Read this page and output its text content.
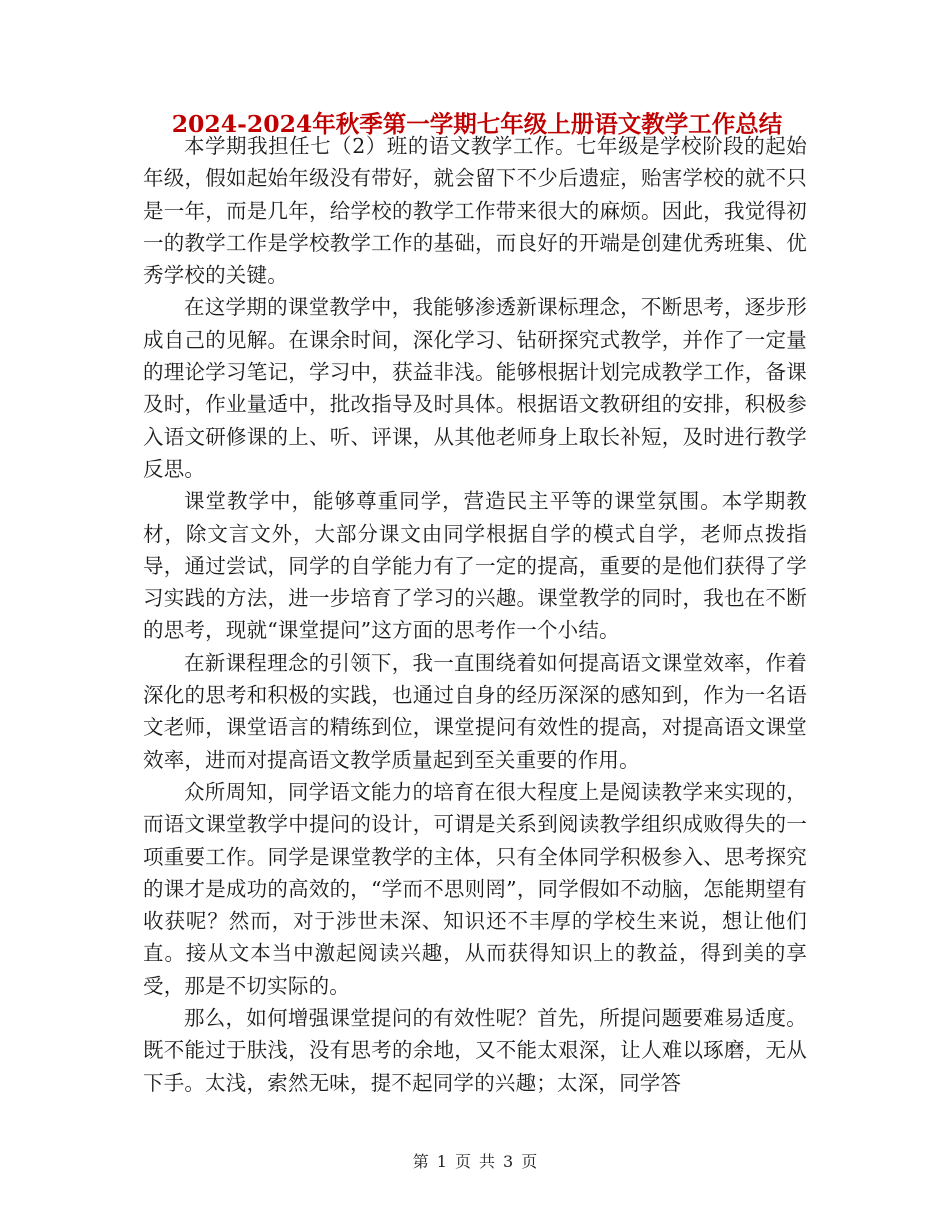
2024-2024年秋季第一学期七年级上册语文教学工作总结

本学期我担任七（2）班的语文教学工作。七年级是学校阶段的起始年级，假如起始年级没有带好，就会留下不少后遗症，贻害学校的就不只是一年，而是几年，给学校的教学工作带来很大的麻烦。因此，我觉得初一的教学工作是学校教学工作的基础，而良好的开端是创建优秀班集、优秀学校的关键。

在这学期的课堂教学中，我能够渗透新课标理念，不断思考，逐步形成自己的见解。在课余时间，深化学习、钻研探究式教学，并作了一定量的理论学习笔记，学习中，获益非浅。能够根据计划完成教学工作，备课及时，作业量适中，批改指导及时具体。根据语文教研组的安排，积极参入语文研修课的上、听、评课，从其他老师身上取长补短，及时进行教学反思。

课堂教学中，能够尊重同学，营造民主平等的课堂氛围。本学期教材，除文言文外，大部分课文由同学根据自学的模式自学，老师点拨指导，通过尝试，同学的自学能力有了一定的提高，重要的是他们获得了学习实践的方法，进一步培育了学习的兴趣。课堂教学的同时，我也在不断的思考，现就“课堂提问”这方面的思考作一个小结。

在新课程理念的引领下，我一直围绕着如何提高语文课堂效率，作着深化的思考和积极的实践，也通过自身的经历深深的感知到，作为一名语文老师，课堂语言的精练到位，课堂提问有效性的提高，对提高语文课堂效率，进而对提高语文教学质量起到至关重要的作用。

众所周知，同学语文能力的培育在很大程度上是阅读教学来实现的，而语文课堂教学中提问的设计，可谓是关系到阅读教学组织成败得失的一项重要工作。同学是课堂教学的主体，只有全体同学积极参入、思考探究的课才是成功的高效的，“学而不思则罔”，同学假如不动脑，怎能期望有收获呢？然而，对于涉世未深、知识还不丰厚的学校生来说，想让他们直。接从文本当中激起阅读兴趣，从而获得知识上的教益，得到美的享受，那是不切实际的。

那么，如何增强课堂提问的有效性呢？首先，所提问题要难易适度。既不能过于肤浅，没有思考的余地，又不能太艰深，让人难以琢磨，无从下手。太浅，索然无味，提不起同学的兴趣；太深，同学答

第 1 页 共 3 页
